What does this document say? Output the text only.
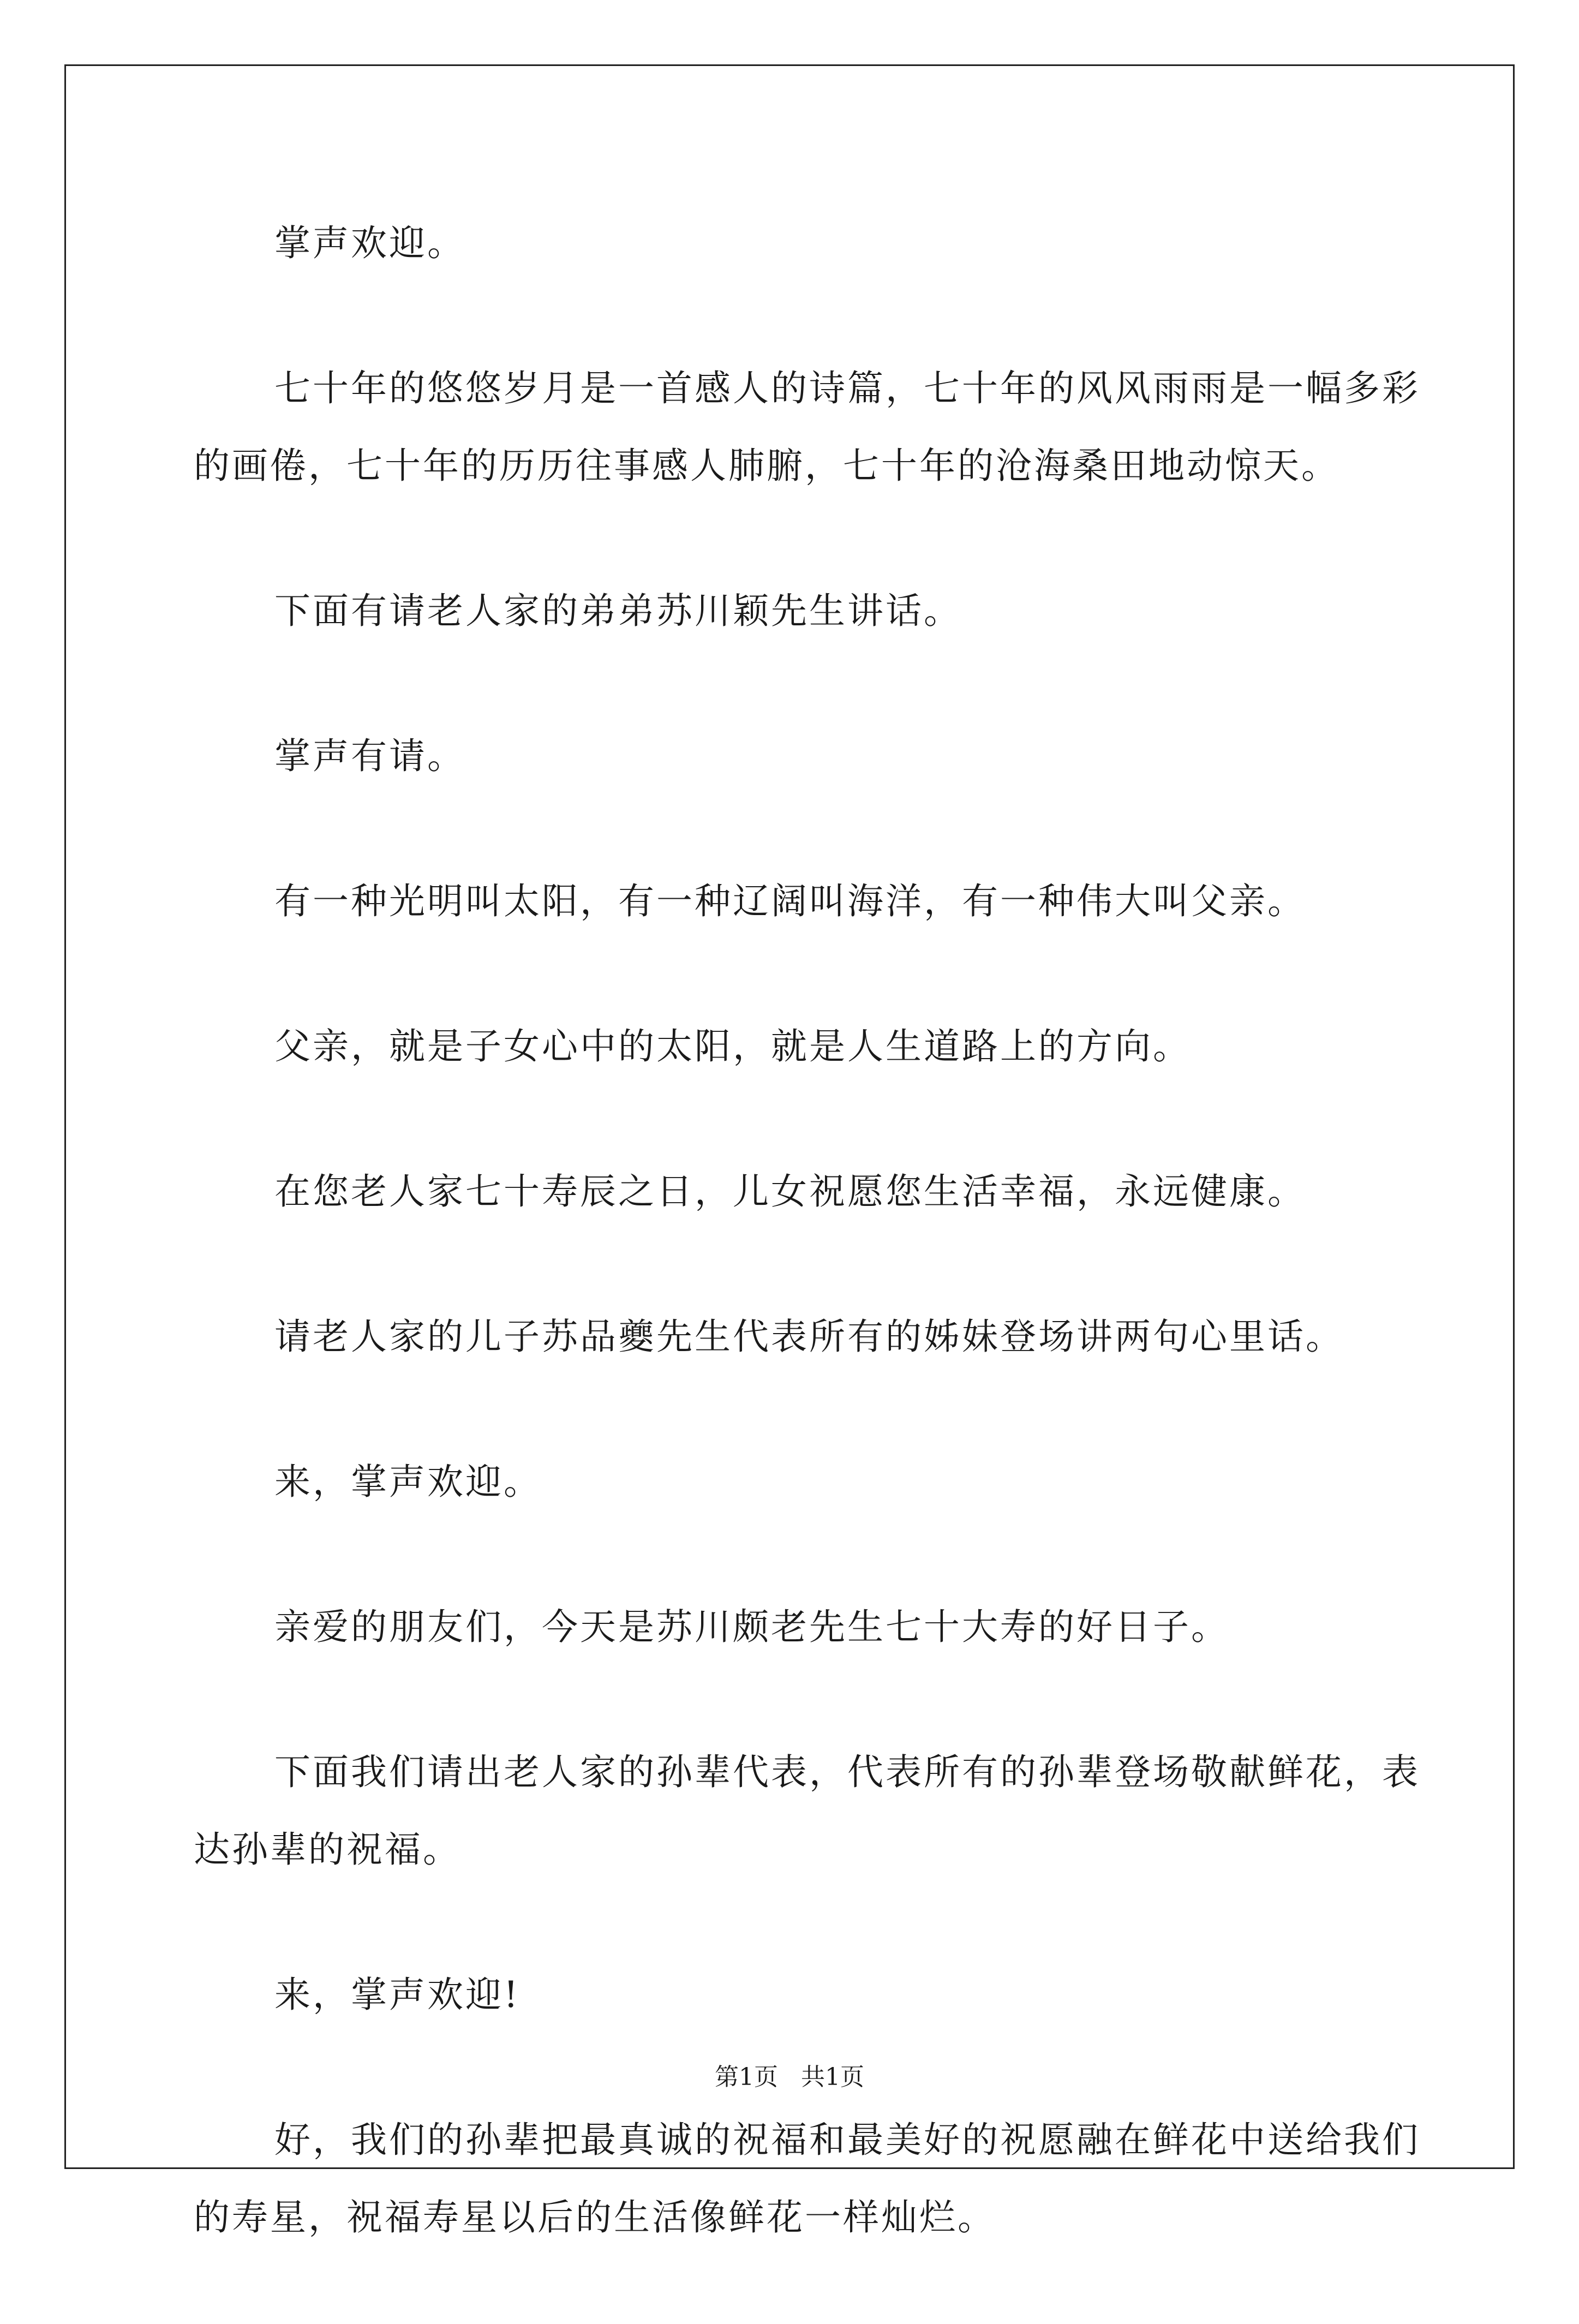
掌声欢迎。

七十年的悠悠岁月是一首感人的诗篇，七十年的风风雨雨是一幅多彩的画倦，七十年的历历往事感人肺腑，七十年的沧海桑田地动惊天。

下面有请老人家的弟弟苏川颖先生讲话。

掌声有请。

有一种光明叫太阳，有一种辽阔叫海洋，有一种伟大叫父亲。

父亲，就是子女心中的太阳，就是人生道路上的方向。

在您老人家七十寿辰之日，儿女祝愿您生活幸福，永远健康。

请老人家的儿子苏品夔先生代表所有的姊妹登场讲两句心里话。

来，掌声欢迎。

亲爱的朋友们，今天是苏川颇老先生七十大寿的好日子。

下面我们请出老人家的孙辈代表，代表所有的孙辈登场敬献鲜花，表达孙辈的祝福。

来，掌声欢迎!

好，我们的孙辈把最真诚的祝福和最美好的祝愿融在鲜花中送给我们的寿星，祝福寿星以后的生活像鲜花一样灿烂。

第1页 共1页
